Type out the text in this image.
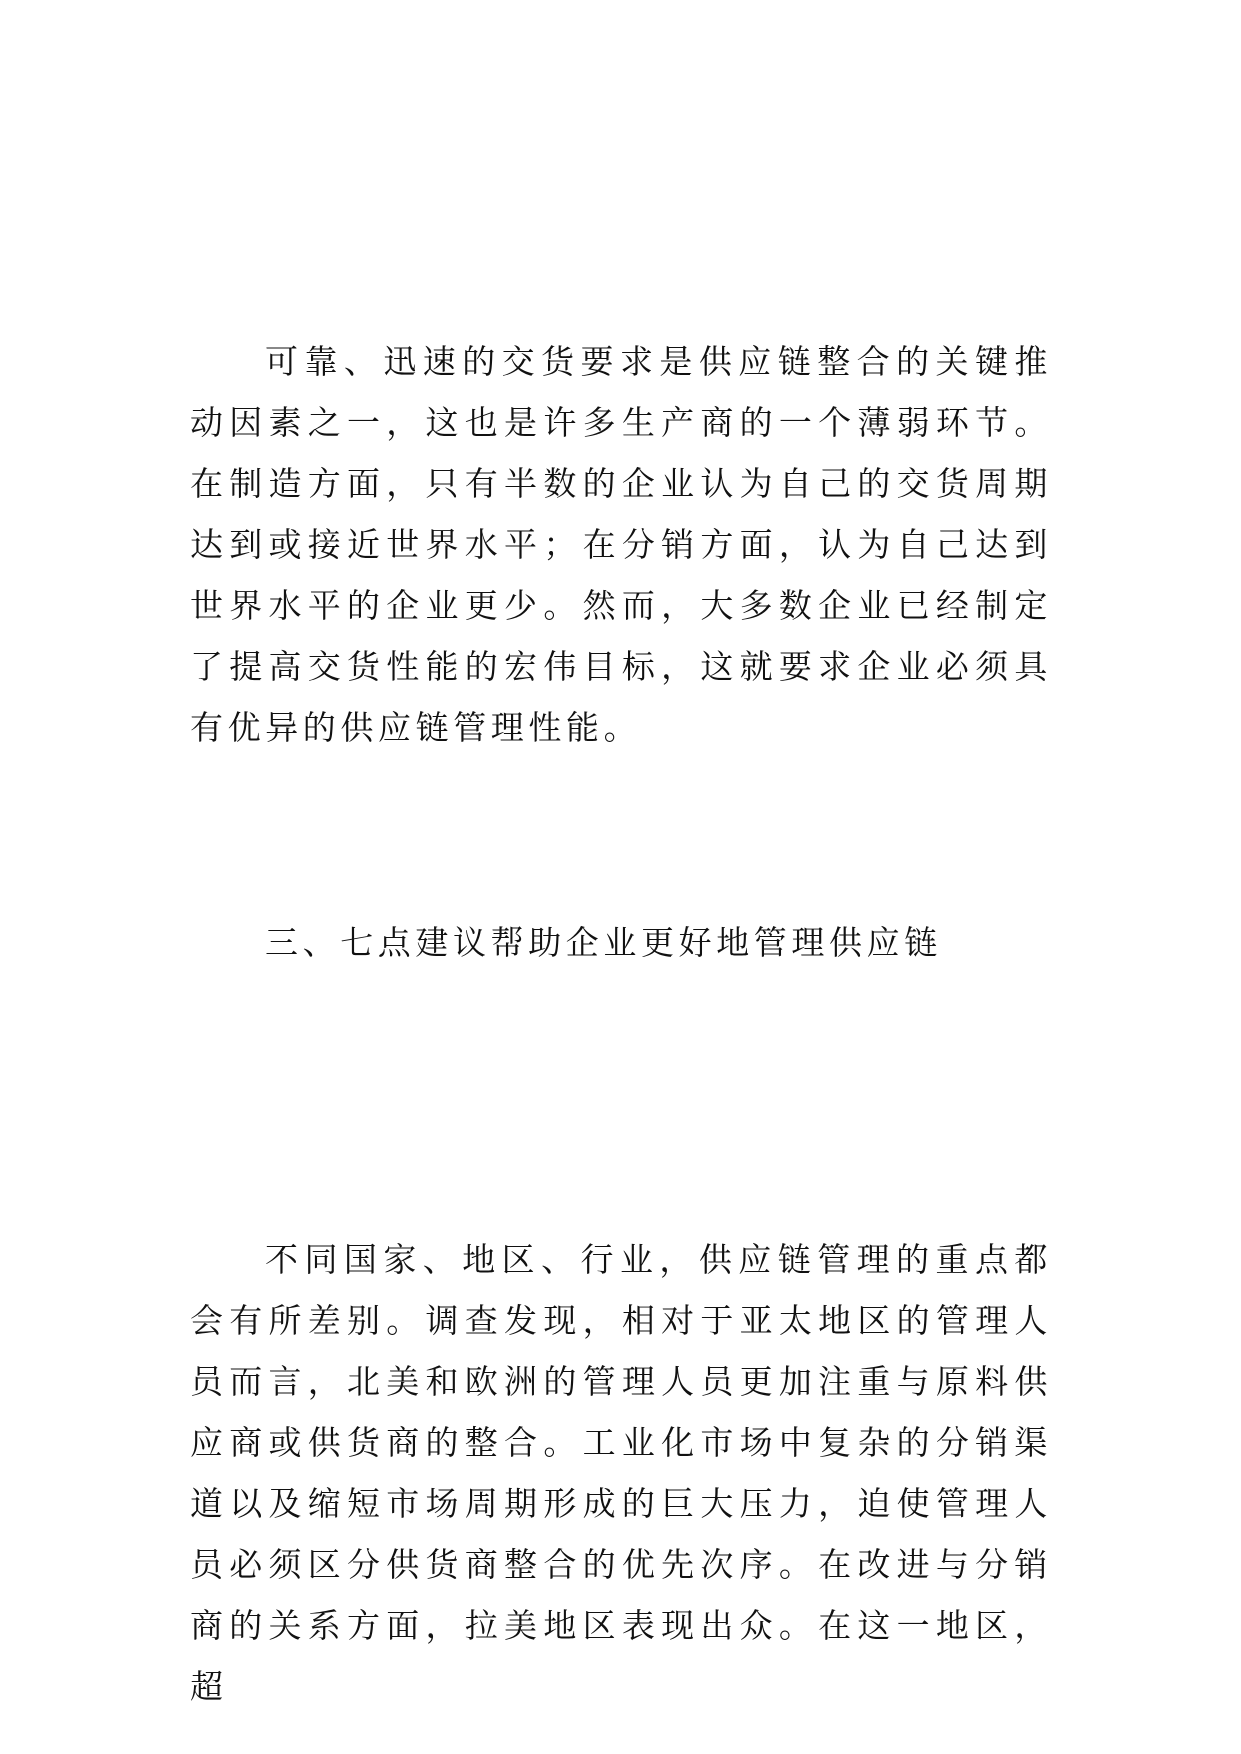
可靠、迅速的交货要求是供应链整合的关键推动因素之一，这也是许多生产商的一个薄弱环节。在制造方面，只有半数的企业认为自己的交货周期达到或接近世界水平；在分销方面，认为自己达到世界水平的企业更少。然而，大多数企业已经制定了提高交货性能的宏伟目标，这就要求企业必须具有优异的供应链管理性能。

三、七点建议帮助企业更好地管理供应链

不同国家、地区、行业，供应链管理的重点都会有所差别。调查发现，相对于亚太地区的管理人员而言，北美和欧洲的管理人员更加注重与原料供应商或供货商的整合。工业化市场中复杂的分销渠道以及缩短市场周期形成的巨大压力，迫使管理人员必须区分供货商整合的优先次序。在改进与分销商的关系方面，拉美地区表现出众。在这一地区，超
